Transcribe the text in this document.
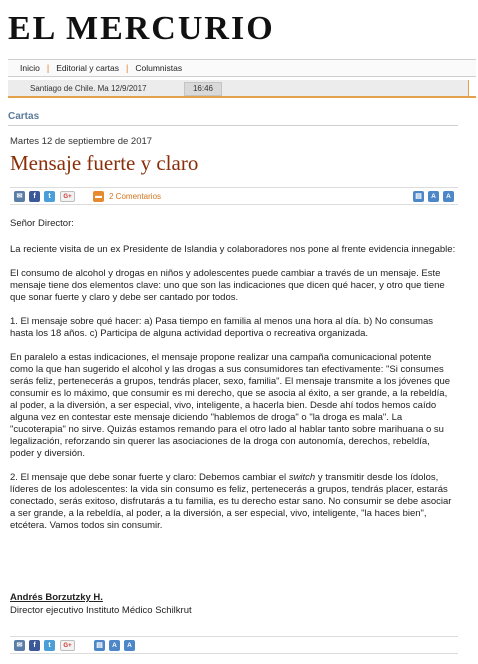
EL MERCURIO
Inicio | Editorial y cartas | Columnistas
Santiago de Chile. Ma 12/9/2017	16:46
Cartas
Martes 12 de septiembre de 2017
Mensaje fuerte y claro
✉	f	t	G+	▬ 2 Comentarios	▤	A	A

Señor Director:

La reciente visita de un ex Presidente de Islandia y colaboradores nos pone al frente evidencia innegable:

El consumo de alcohol y drogas en niños y adolescentes puede cambiar a través de un mensaje. Este mensaje tiene dos elementos clave: uno que son las indicaciones que dicen qué hacer, y otro que tiene que sonar fuerte y claro y debe ser cantado por todos.

1. El mensaje sobre qué hacer: a) Pasa tiempo en familia al menos una hora al día. b) No consumas hasta los 18 años. c) Participa de alguna actividad deportiva o recreativa organizada.

En paralelo a estas indicaciones, el mensaje propone realizar una campaña comunicacional potente como la que han sugerido el alcohol y las drogas a sus consumidores tan efectivamente: "Si consumes serás feliz, pertenecerás a grupos, tendrás placer, sexo, familia". El mensaje transmite a los jóvenes que consumir es lo máximo, que consumir es mi derecho, que se asocia al éxito, a ser grande, a la rebeldía, al poder, a la diversión, a ser especial, vivo, inteligente, a hacerla bien. Desde ahí todos hemos caído alguna vez en contestar este mensaje diciendo "hablemos de droga" o "la droga es mala". La "cucoterapia" no sirve. Quizás estamos remando para el otro lado al hablar tanto sobre marihuana o su legalización, reforzando sin querer las asociaciones de la droga con autonomía, derechos, rebeldía, poder y diversión.

2. El mensaje que debe sonar fuerte y claro: Debemos cambiar el switch y transmitir desde los ídolos, líderes de los adolescentes: la vida sin consumo es feliz, pertenecerás a grupos, tendrás placer, estarás conectado, serás exitoso, disfrutarás a tu familia, es tu derecho estar sano. No consumir se debe asociar a ser grande, a la rebeldía, al poder, a la diversión, a ser especial, vivo, inteligente, "la haces bien", etcétera. Vamos todos sin consumir.

Andrés Borzutzky H.
Director ejecutivo Instituto Médico Schilkrut
✉	f	t	G+	▤	A	A
